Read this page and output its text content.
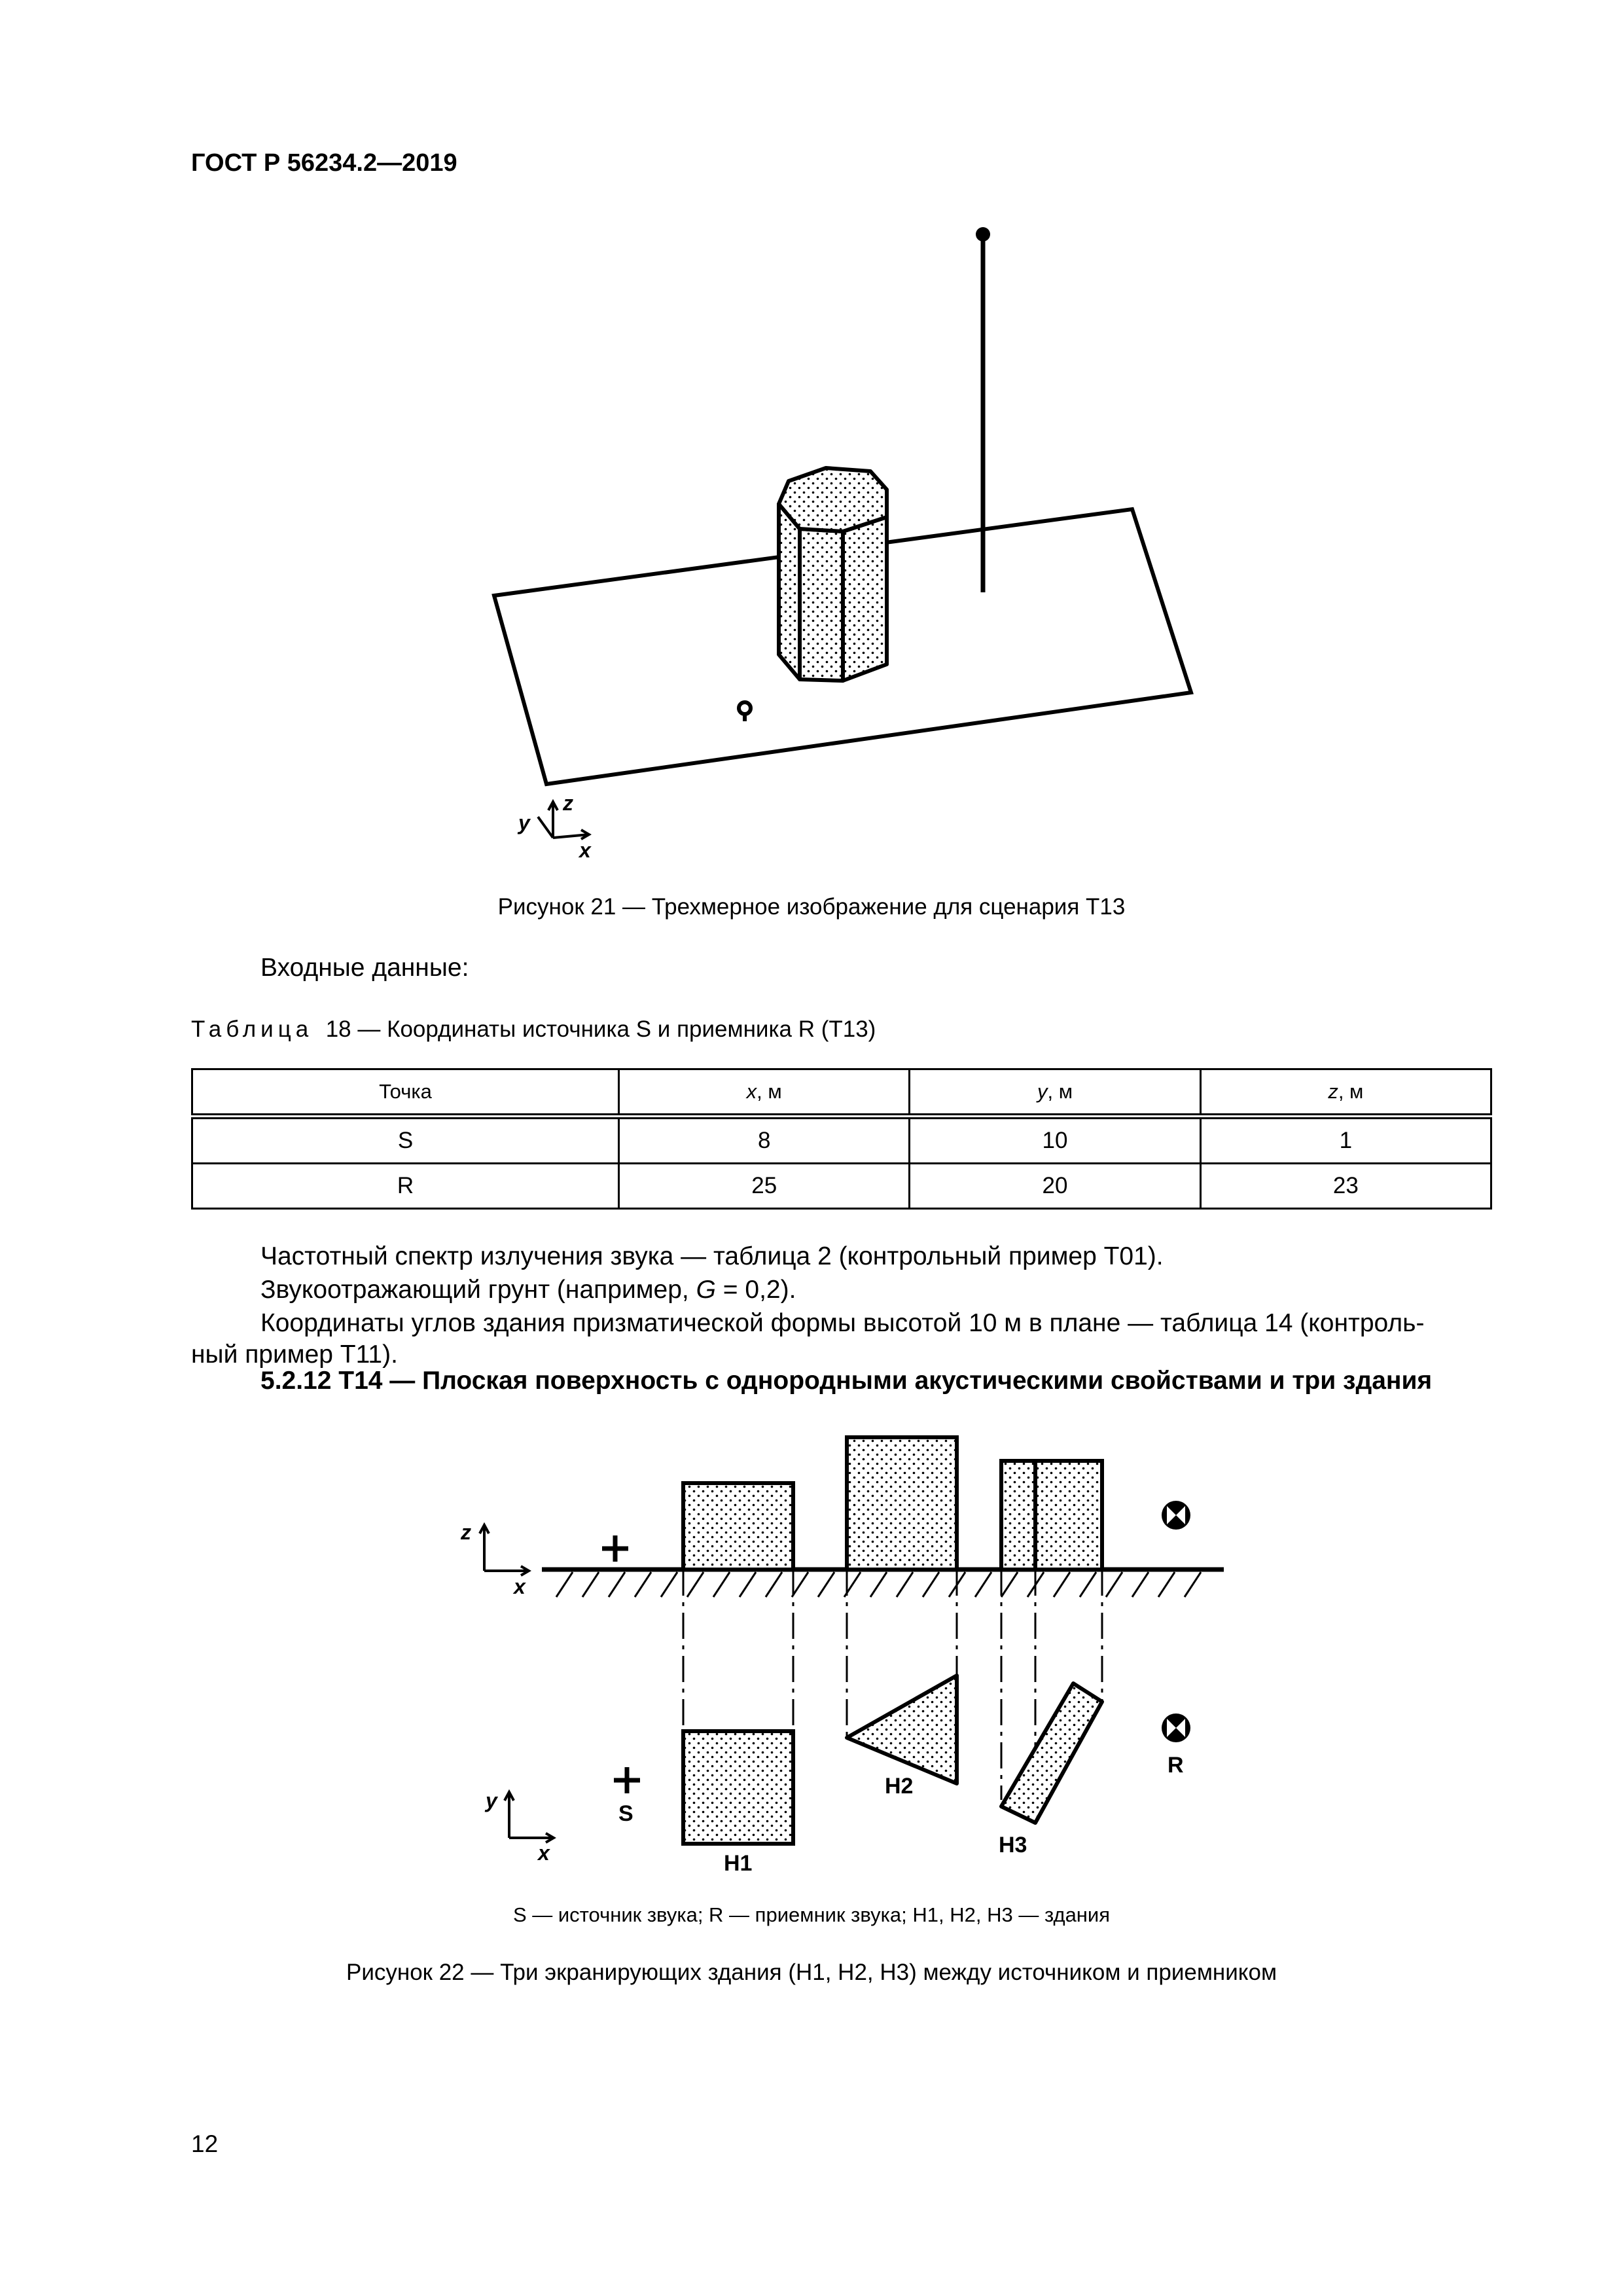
ГОСТ Р 56234.2—2019
y
z
x
z
x
y
x
S
R
Н1
Н2
Н3
Рисунок 21 — Трехмерное изображение для сценария Т13
Входные данные:
Таблица 18 — Координаты источника S и приемника R (Т13)
Точка	x, м	y, м	z, м
S	8	10	1
R	25	20	23
Частотный спектр излучения звука — таблица 2 (контрольный пример Т01).
Звукоотражающий грунт (например, G = 0,2).
Координаты углов здания призматической формы высотой 10 м в плане — таблица 14 (контроль-
ный пример Т11).
5.2.12 Т14 — Плоская поверхность с однородными акустическими свойствами и три здания
S — источник звука; R — приемник звука; Н1, Н2, Н3 — здания
Рисунок 22 — Три экранирующих здания (Н1, Н2, Н3) между источником и приемником
12
